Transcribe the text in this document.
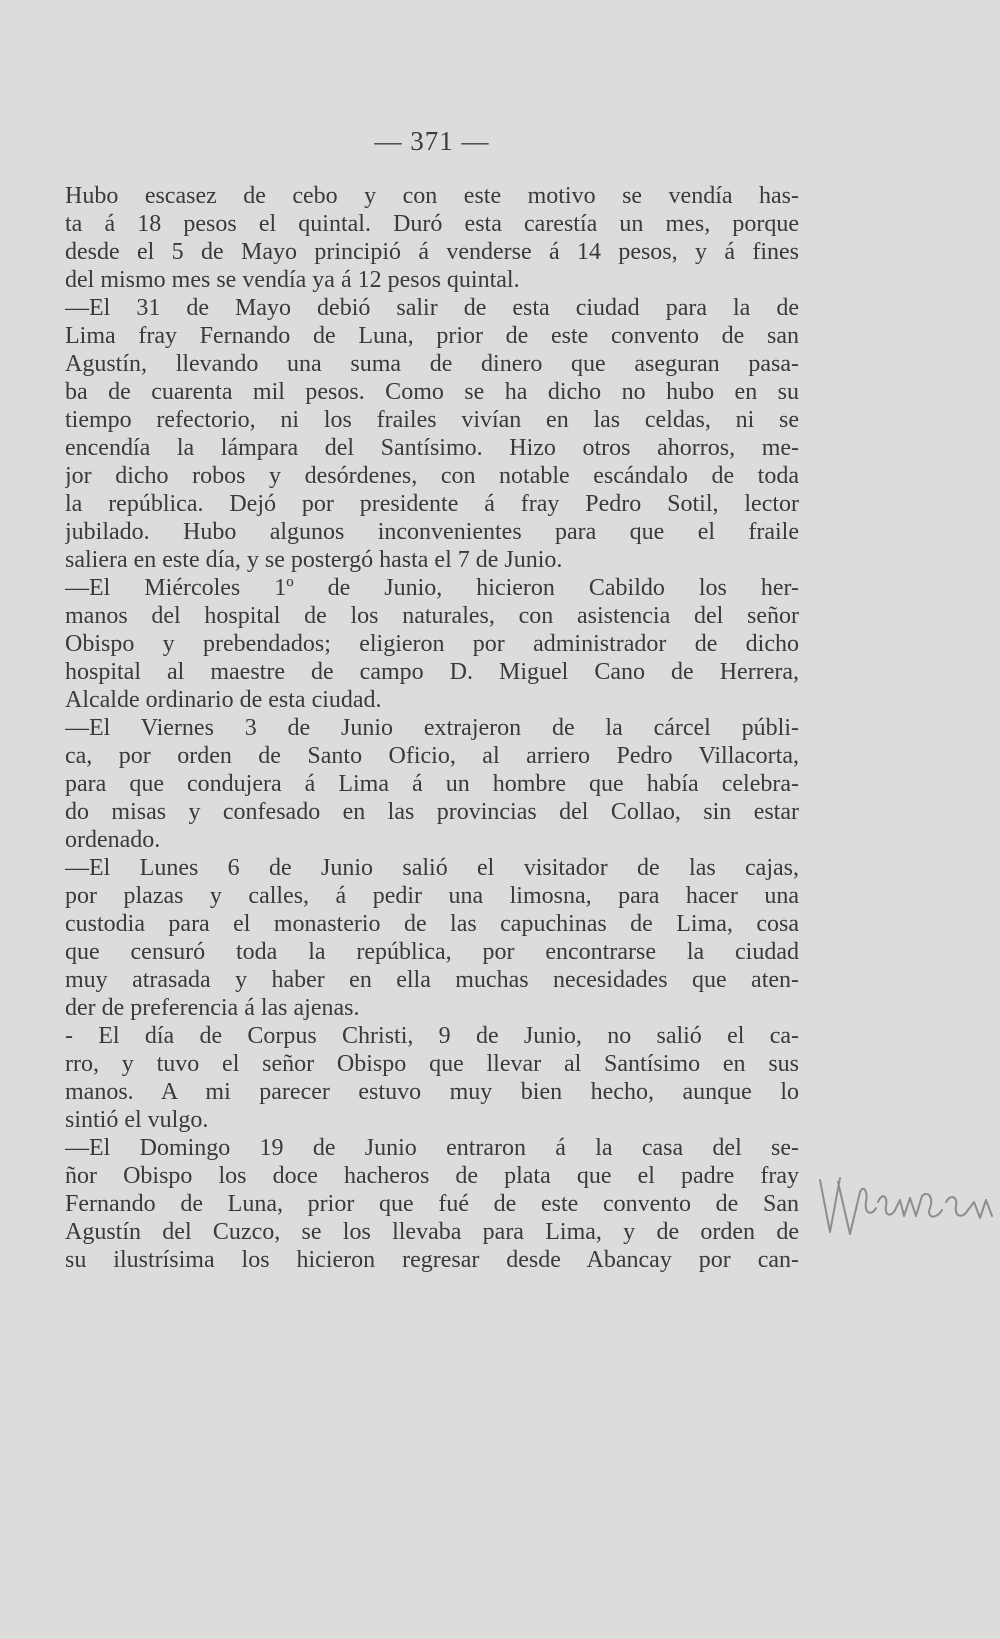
— 371 —
Hubo escasez de cebo y con este motivo se vendía has-
ta á 18 pesos el quintal. Duró esta carestía un mes, porque
desde el 5 de Mayo principió á venderse á 14 pesos, y á fines
del mismo mes se vendía ya á 12 pesos quintal.
—El 31 de Mayo debió salir de esta ciudad para la de
Lima fray Fernando de Luna, prior de este convento de san
Agustín, llevando una suma de dinero que aseguran pasa-
ba de cuarenta mil pesos. Como se ha dicho no hubo en su
tiempo refectorio, ni los frailes vivían en las celdas, ni se
encendía la lámpara del Santísimo. Hizo otros ahorros, me-
jor dicho robos y desórdenes, con notable escándalo de toda
la república. Dejó por presidente á fray Pedro Sotil, lector
jubilado. Hubo algunos inconvenientes para que el fraile
saliera en este día, y se postergó hasta el 7 de Junio.
—El Miércoles 1º de Junio, hicieron Cabildo los her-
manos del hospital de los naturales, con asistencia del señor
Obispo y prebendados; eligieron por administrador de dicho
hospital al maestre de campo D. Miguel Cano de Herrera,
Alcalde ordinario de esta ciudad.
—El Viernes 3 de Junio extrajeron de la cárcel públi-
ca, por orden de Santo Oficio, al arriero Pedro Villacorta,
para que condujera á Lima á un hombre que había celebra-
do misas y confesado en las provincias del Collao, sin estar
ordenado.
—El Lunes 6 de Junio salió el visitador de las cajas,
por plazas y calles, á pedir una limosna, para hacer una
custodia para el monasterio de las capuchinas de Lima, cosa
que censuró toda la república, por encontrarse la ciudad
muy atrasada y haber en ella muchas necesidades que aten-
der de preferencia á las ajenas.
- El día de Corpus Christi, 9 de Junio, no salió el ca-
rro, y tuvo el señor Obispo que llevar al Santísimo en sus
manos. A mi parecer estuvo muy bien hecho, aunque lo
sintió el vulgo.
—El Domingo 19 de Junio entraron á la casa del se-
ñor Obispo los doce hacheros de plata que el padre fray
Fernando de Luna, prior que fué de este convento de San
Agustín del Cuzco, se los llevaba para Lima, y de orden de
su ilustrísima los hicieron regresar desde Abancay por can-
